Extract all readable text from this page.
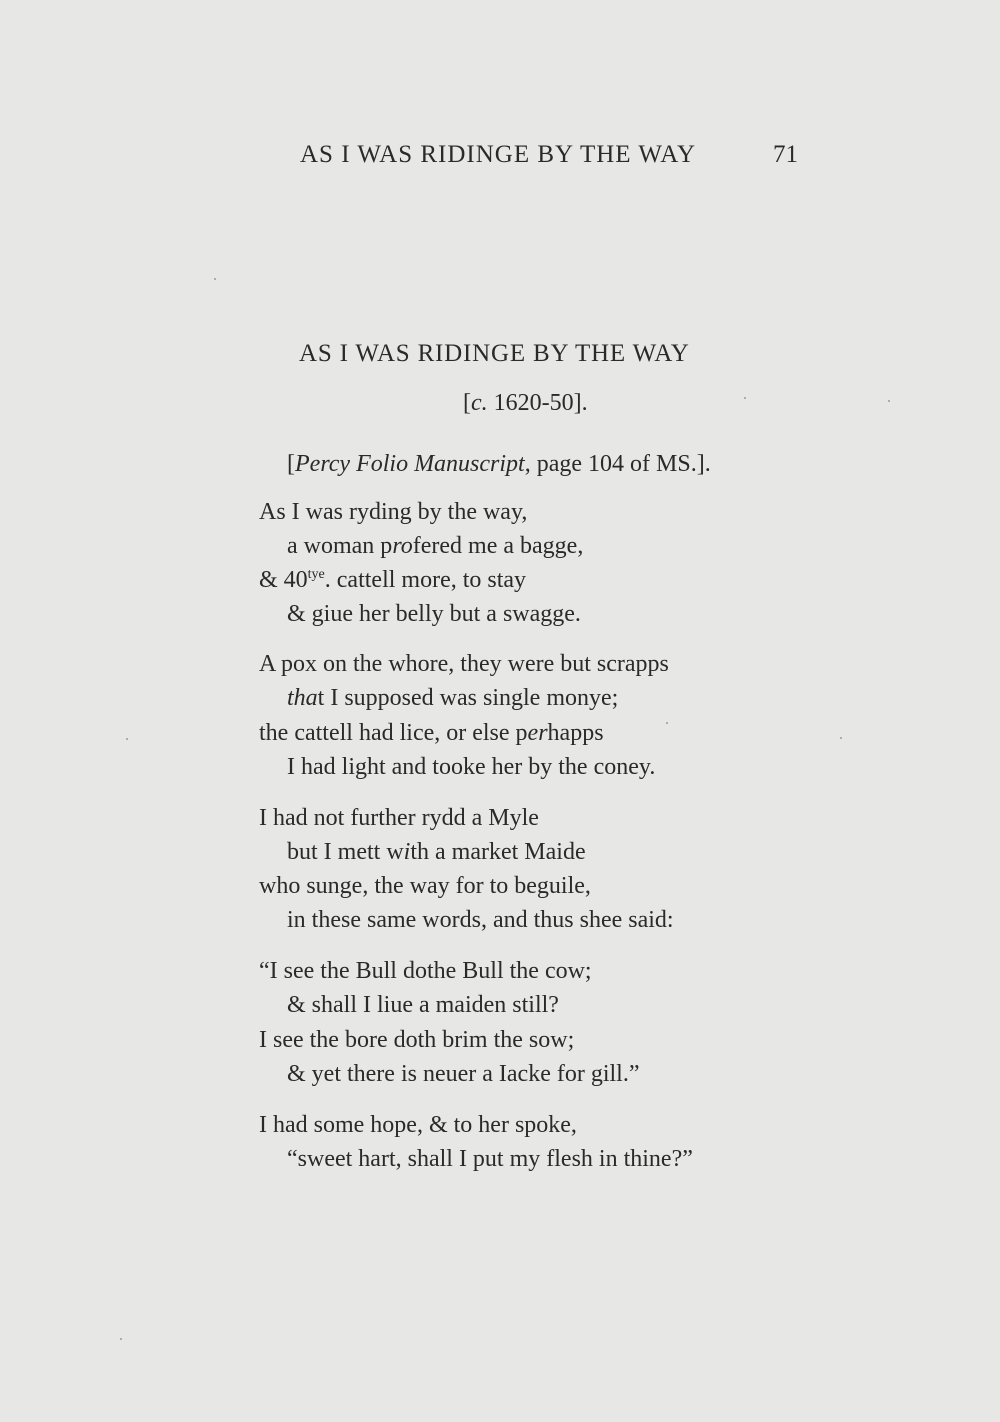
AS I WAS RIDINGE BY THE WAY	71
AS I WAS RIDINGE BY THE WAY
[c. 1620-50].
[Percy Folio Manuscript, page 104 of MS.].
As I was ryding by the way,
a woman profered me a bagge,
& $40^{tye}$. cattell more, to stay
& giue her belly but a swagge.
A pox on the whore, they were but scrapps
that I supposed was single monye;
the cattell had lice, or else perhapps
I had light and tooke her by the coney.
I had not further rydd a Myle
but I mett with a market Maide
who sunge, the way for to beguile,
in these same words, and thus shee said:
“I see the Bull dothe Bull the cow;
& shall I liue a maiden still?
I see the bore doth brim the sow;
& yet there is neuer a Iacke for gill.”
I had some hope, & to her spoke,
“sweet hart, shall I put my flesh in thine?”
